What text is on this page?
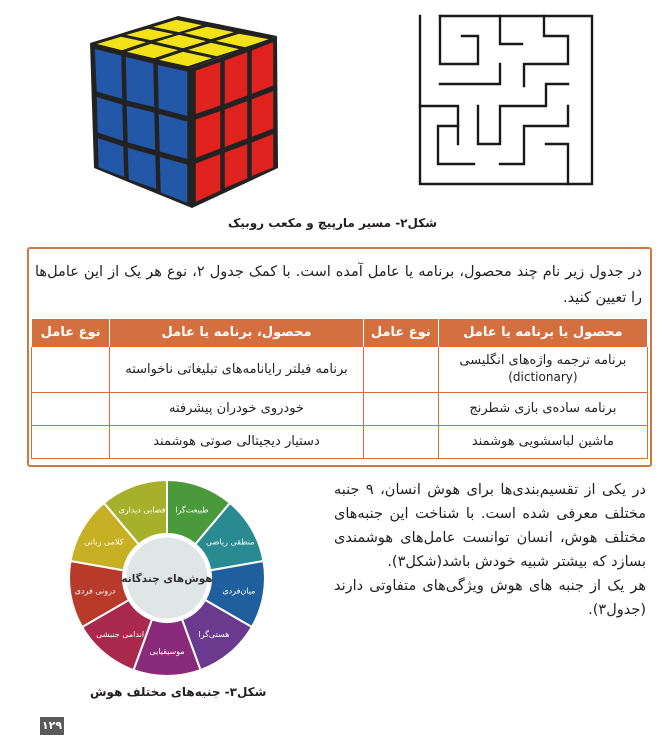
شکل۲- مسیر مارپیچ و مکعب روبیک
در جدول زیر نام چند محصول، برنامه یا عامل آمده است. با کمک جدول ۲، نوع هر یک از این عامل‌ها را تعیین کنید.
محصول یا برنامه یا عامل	نوع عامل	محصول، برنامه یا عامل	نوع عامل
برنامه ترجمه واژه‌های انگلیسی
(dictionary)		برنامه فیلتر رایانامه‌های تبلیغاتی ناخواسته	
برنامه ساده‌ی بازی شطرنج		خودروی خودران پیشرفته	
ماشین لباسشویی هوشمند		دستیار دیجیتالی صوتی هوشمند	
در یکی از تقسیم‌بندی‌ها برای هوش انسان، ۹ جنبه مختلف معرفی شده است. با شناخت این جنبه‌های مختلف هوش، انسان توانست عامل‌های هوشمندی بسازد که بیشتر شبیه خودش باشد(شکل۳).
هر یک از جنبه های هوش ویژگی‌های متفاوتی دارند (جدول۳).
هوش‌های چندگانه
طبیعت‌گرا
منطقی ریاضی
میان‌فردی
هستی‌گرا
موسیقیایی
اندامی جنبشی
درونی فردی
کلامی زبانی
فضایی دیداری
شکل۳- جنبه‌های مختلف هوش
۱۲۹
